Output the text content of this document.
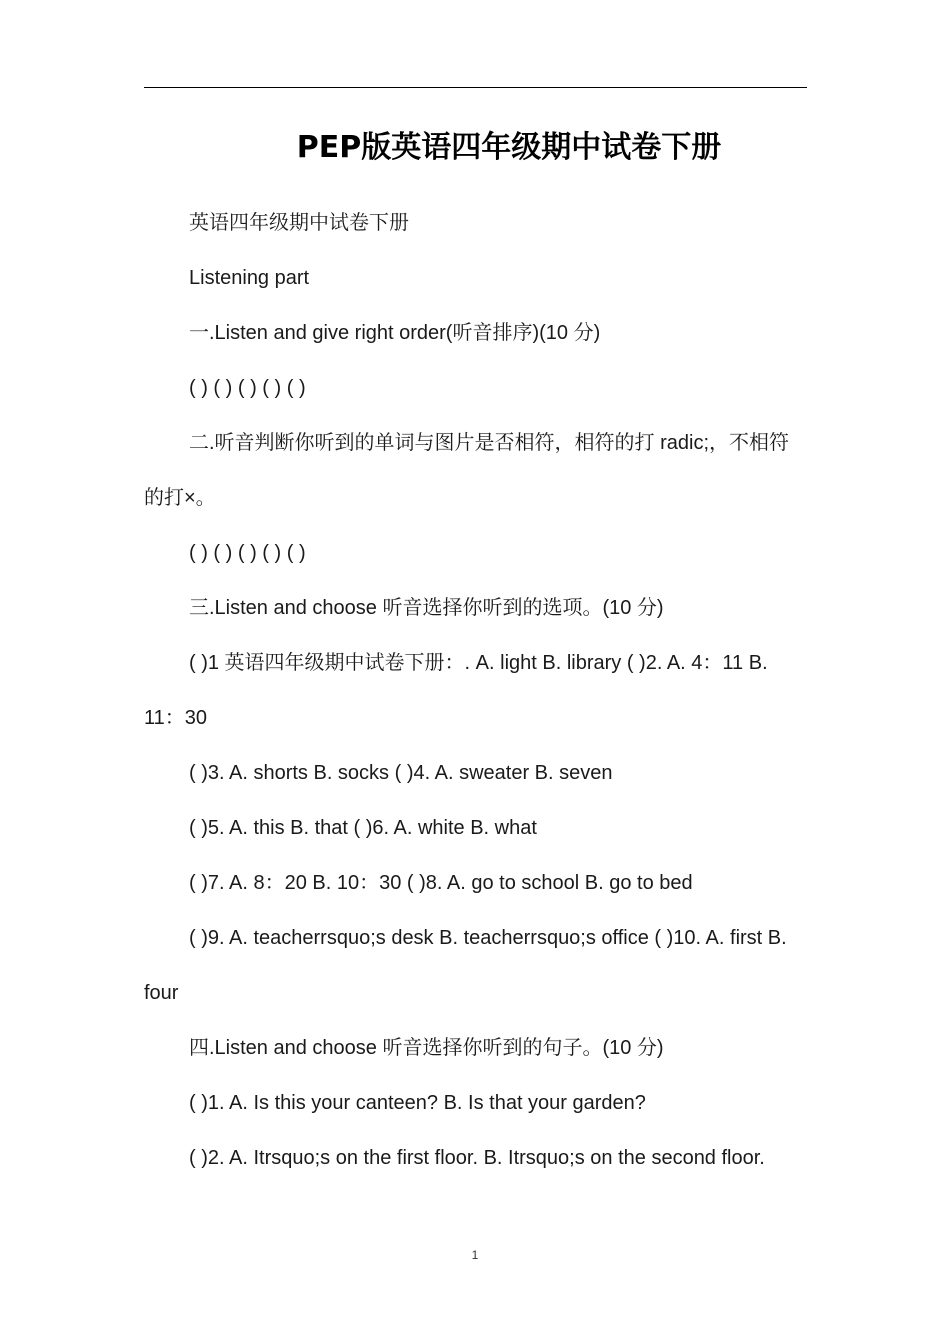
PEP版英语四年级期中试卷下册

英语四年级期中试卷下册

Listening part

一.Listen and give right order(听音排序)(10 分)

( ) ( ) ( ) ( ) ( )

二.听音判断你听到的单词与图片是否相符，相符的打 radic;，不相符的打×。

( ) ( ) ( ) ( ) ( )

三.Listen and choose 听音选择你听到的选项。(10 分)

( )1 英语四年级期中试卷下册：. A. light B. library ( )2. A. 4：11 B. 11：30

( )3. A. shorts B. socks ( )4. A. sweater B. seven

( )5. A. this B. that ( )6. A. white B. what

( )7. A. 8：20 B. 10：30 ( )8. A. go to school B. go to bed

( )9. A. teacherrsquo;s desk B. teacherrsquo;s office ( )10. A. first B. four

四.Listen and choose 听音选择你听到的句子。(10 分)

( )1. A. Is this your canteen? B. Is that your garden?

( )2. A. Itrsquo;s on the first floor. B. Itrsquo;s on the second floor.

1
